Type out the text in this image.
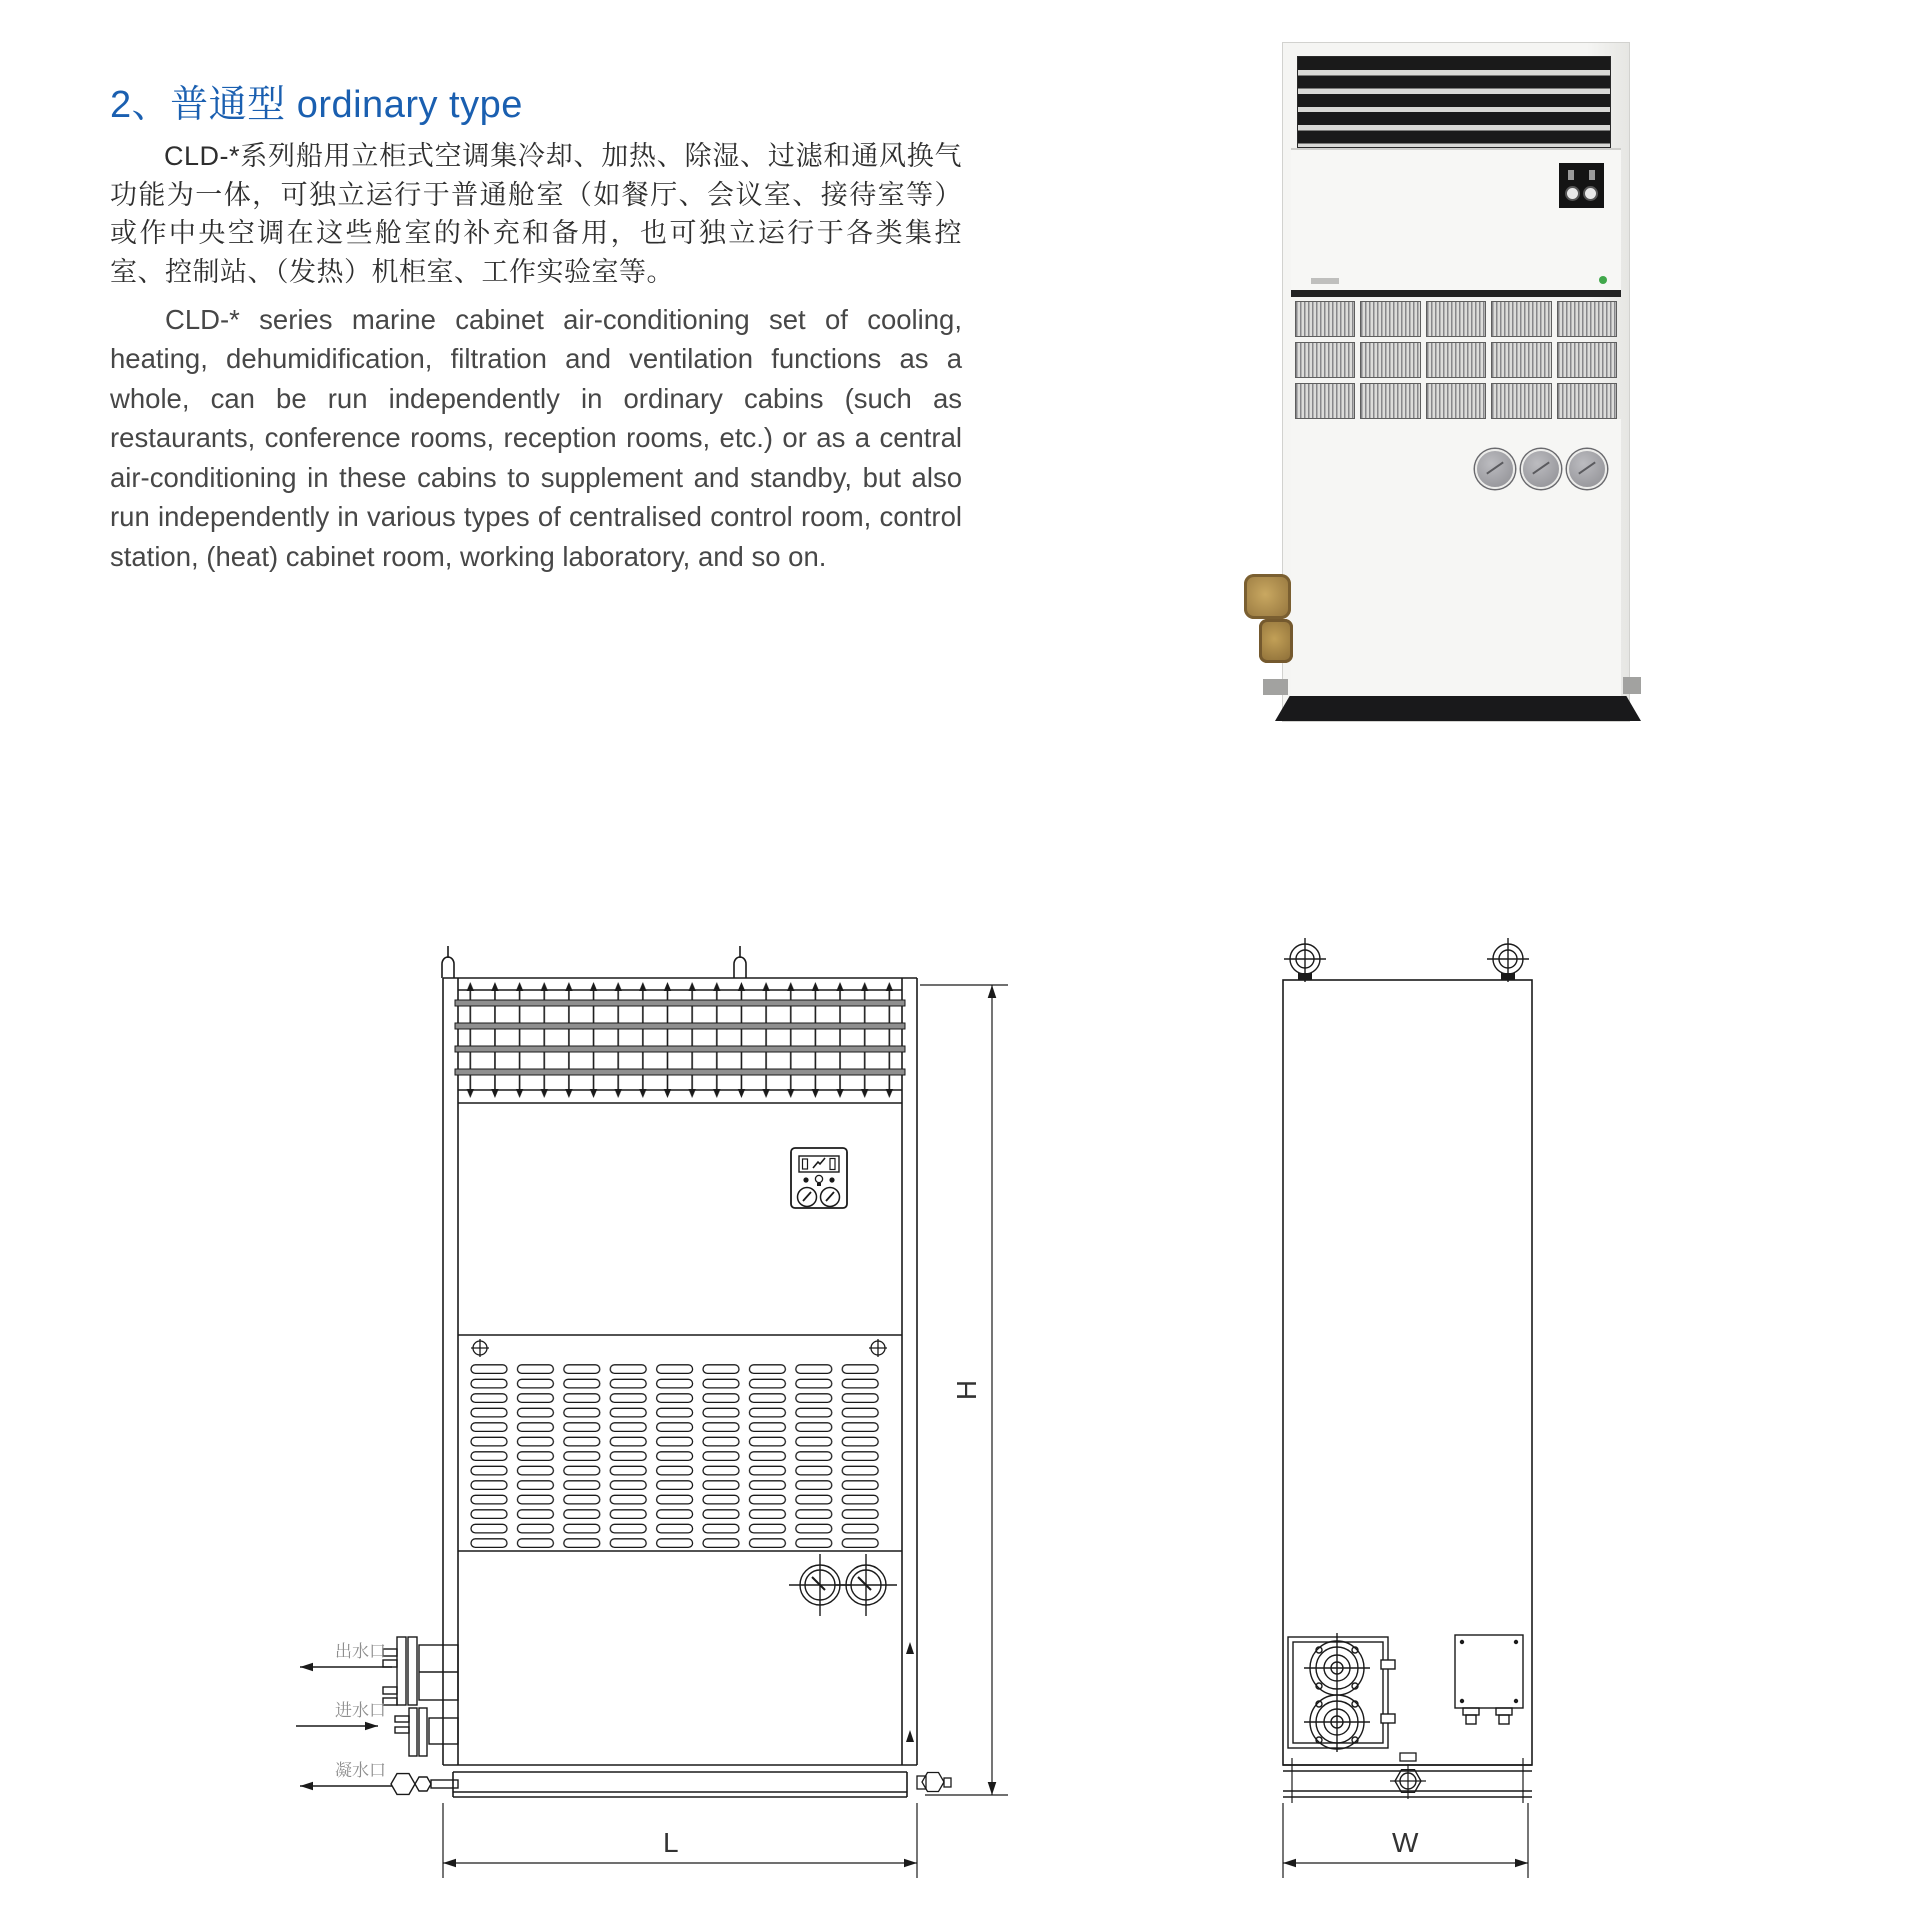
2、普通型 ordinary type

CLD-*系列船用立柜式空调集冷却、加热、除湿、过滤和通风换气功能为一体，可独立运行于普通舱室（如餐厅、会议室、接待室等）或作中央空调在这些舱室的补充和备用，也可独立运行于各类集控室、控制站、（发热）机柜室、工作实验室等。

CLD-* series marine cabinet air-conditioning set of cooling, heating, dehumidification, filtration and ventilation functions as a whole, can be run independently in ordinary cabins (such as restaurants, conference rooms, reception rooms, etc.) or as a central air-conditioning in these cabins to supplement and standby, but also run independently in various types of centralised control room, control station, (heat) cabinet room, working laboratory, and so on.

出水口
进水口
凝水口
L
H
W
